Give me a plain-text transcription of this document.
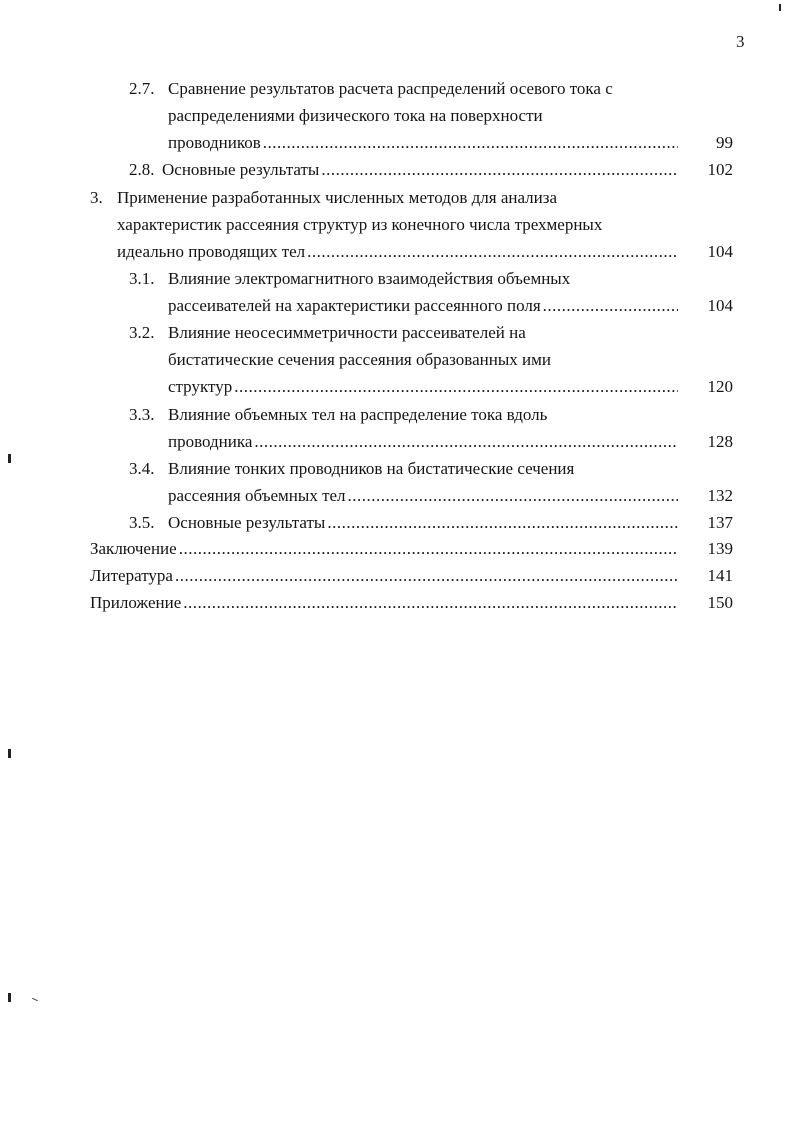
3
2.7. Сравнение результатов расчета распределений осевого тока с
распределениями физического тока на поверхности
проводников .....	99
2.8. Основные результаты .....	102
3. Применение разработанных численных методов для анализа
характеристик рассеяния структур из конечного числа трехмерных
идеально проводящих тел .....	104
3.1. Влияние электромагнитного взаимодействия объемных
рассеивателей на характеристики рассеянного поля .....	104
3.2. Влияние неосесимметричности рассеивателей на
бистатические сечения рассеяния образованных ими
структур .....	120
3.3. Влияние объемных тел на распределение тока вдоль
проводника .....	128
3.4. Влияние тонких проводников на бистатические сечения
рассеяния объемных тел .....	132
3.5. Основные результаты .....	137
Заключение .....	139
Литература .....	141
Приложение .....	150
